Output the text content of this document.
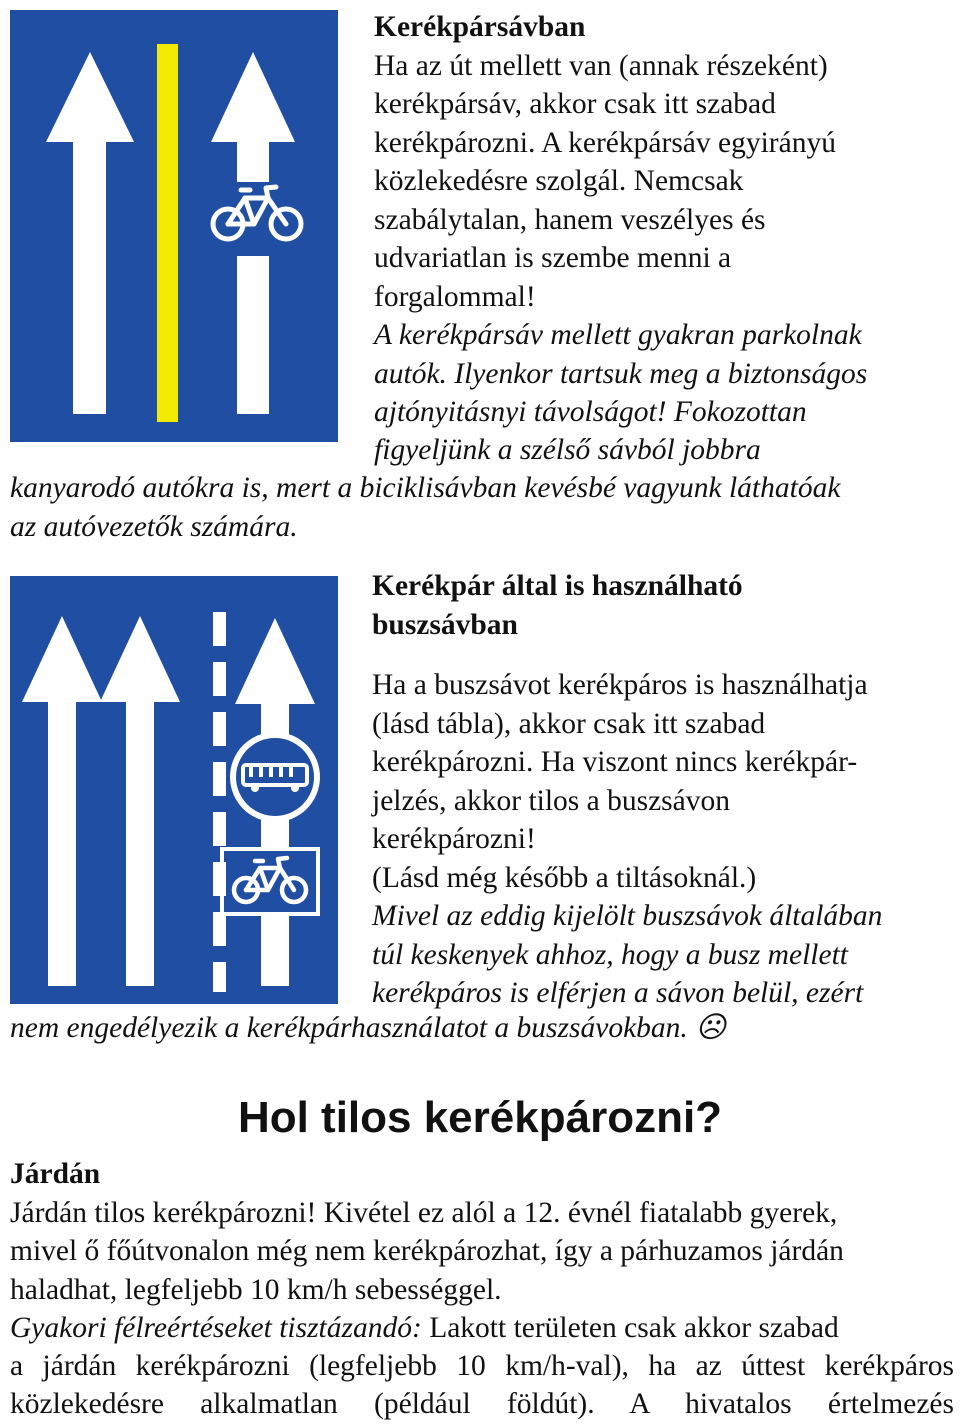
Kerékpársávban
Ha az út mellett van (annak részeként)
kerékpársáv, akkor csak itt szabad
kerékpározni. A kerékpársáv egyirányú
közlekedésre szolgál. Nemcsak
szabálytalan, hanem veszélyes és
udvariatlan is szembe menni a
forgalommal!
A kerékpársáv mellett gyakran parkolnak
autók. Ilyenkor tartsuk meg a biztonságos
ajtónyitásnyi távolságot! Fokozottan
figyeljünk a szélső sávból jobbra
kanyarodó autókra is, mert a biciklisávban kevésbé vagyunk láthatóak
az autóvezetők számára.
Kerékpár által is használható
buszsávban
Ha a buszsávot kerékpáros is használhatja
(lásd tábla), akkor csak itt szabad
kerékpározni. Ha viszont nincs kerékpár-
jelzés, akkor tilos a buszsávon
kerékpározni!
(Lásd még később a tiltásoknál.)
Mivel az eddig kijelölt buszsávok általában
túl keskenyek ahhoz, hogy a busz mellett
kerékpáros is elférjen a sávon belül, ezért
nem engedélyezik a kerékpárhasználatot a buszsávokban. ☹
Hol tilos kerékpározni?
Járdán
Járdán tilos kerékpározni! Kivétel ez alól a 12. évnél fiatalabb gyerek,
mivel ő főútvonalon még nem kerékpározhat, így a párhuzamos járdán
haladhat, legfeljebb 10 km/h sebességgel.
Gyakori félreértéseket tisztázandó: Lakott területen csak akkor szabad
a járdán kerékpározni (legfeljebb 10 km/h-val), ha az úttest kerékpáros
közlekedésre alkalmatlan (például földút). A hivatalos értelmezés
